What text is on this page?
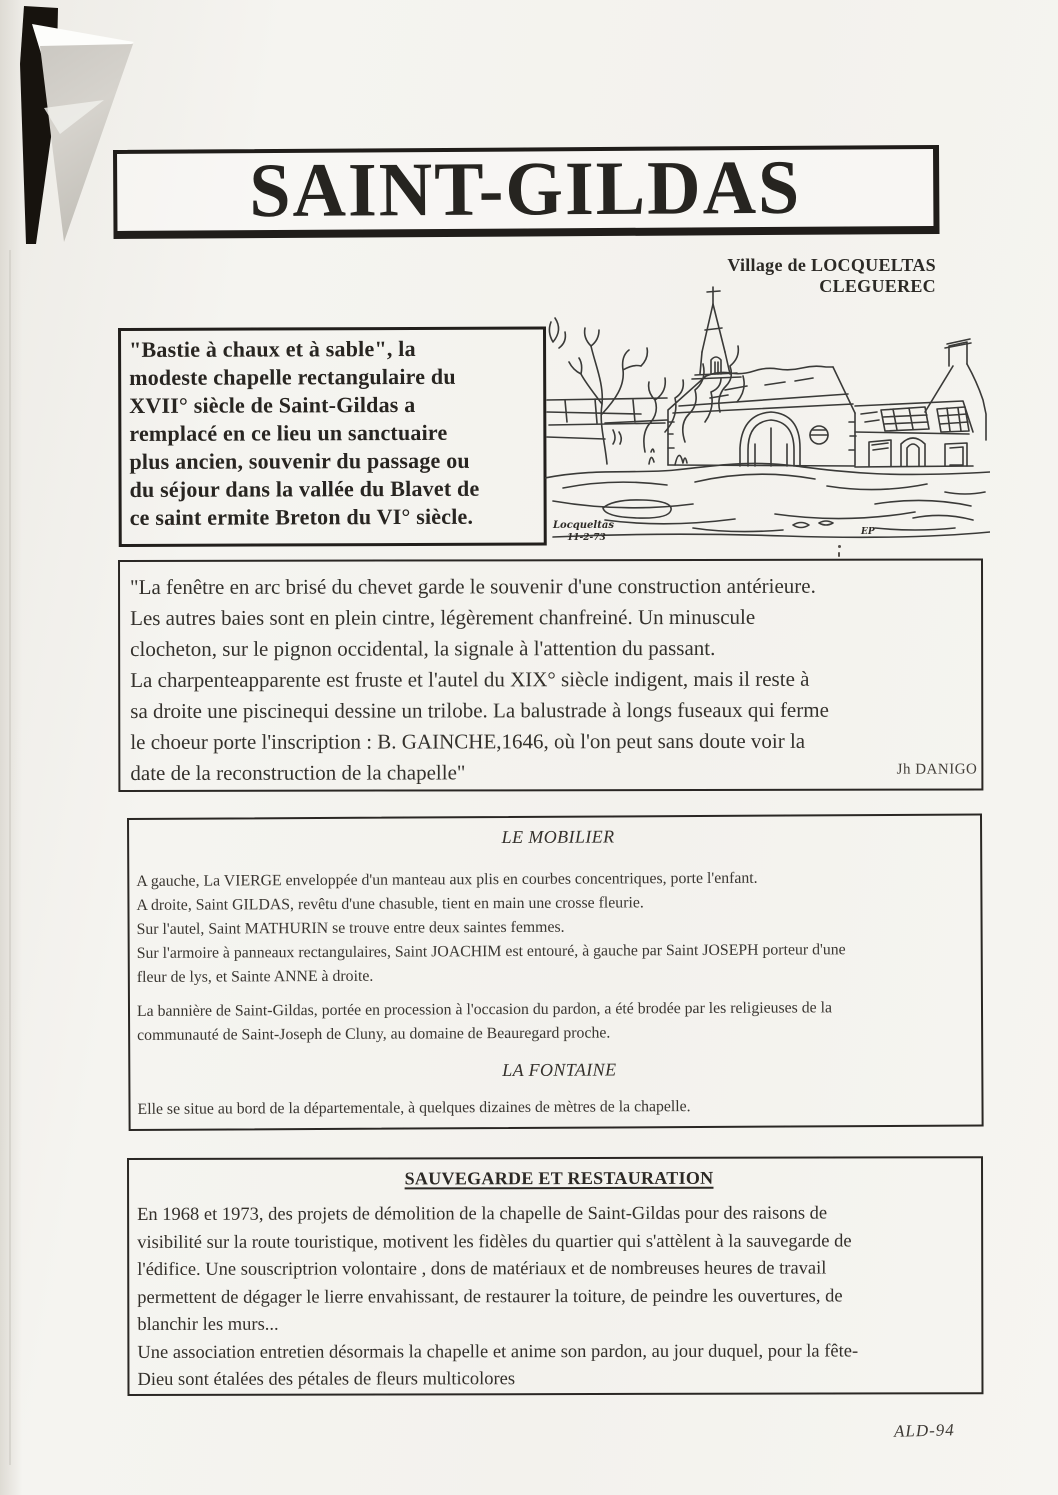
SAINT-GILDAS
Village de LOCQUELTAS
CLEGUEREC
"Bastie à chaux et à sable", la
modeste chapelle rectangulaire du
XVII° siècle de Saint-Gildas a
remplacé en ce lieu un sanctuaire
plus ancien, souvenir du passage ou
du séjour dans la vallée du Blavet de
ce saint ermite Breton du VI° siècle.	Locqueltas
11-2-73
EP
"La fenêtre en arc brisé du chevet garde le souvenir d'une construction antérieure.
Les autres baies sont en plein cintre, légèrement chanfreiné. Un minuscule
clocheton, sur le pignon occidental, la signale à l'attention du passant.
La charpenteapparente est fruste et l'autel du XIX° siècle indigent, mais il reste à
sa droite une piscinequi dessine un trilobe. La balustrade à longs fuseaux qui ferme
le choeur porte l'inscription : B. GAINCHE,1646, où l'on peut sans doute voir la
date de la reconstruction de la chapelle"	Jh DANIGO
LE MOBILIER
A gauche, La VIERGE enveloppée d'un manteau aux plis en courbes concentriques, porte l'enfant.
A droite, Saint GILDAS, revêtu d'une chasuble, tient en main une crosse fleurie.
Sur l'autel, Saint MATHURIN se trouve entre deux saintes femmes.
Sur l'armoire à panneaux rectangulaires, Saint JOACHIM est entouré, à gauche par Saint JOSEPH porteur d'une
fleur de lys, et Sainte ANNE à droite.
La bannière de Saint-Gildas, portée en procession à l'occasion du pardon, a été brodée par les religieuses de la
communauté de Saint-Joseph de Cluny, au domaine de Beauregard proche.
LA FONTAINE
Elle se situe au bord de la départementale, à quelques dizaines de mètres de la chapelle.
SAUVEGARDE ET RESTAURATION
En 1968 et 1973, des projets de démolition de la chapelle de Saint-Gildas pour des raisons de
visibilité sur la route touristique, motivent les fidèles du quartier qui s'attèlent à la sauvegarde de
l'édifice. Une souscriptrion volontaire , dons de matériaux et de nombreuses heures de travail
permettent de dégager le lierre envahissant, de restaurer la toiture, de peindre les ouvertures, de
blanchir les murs...
Une association entretien désormais la chapelle et anime son pardon, au jour duquel, pour la fête-
Dieu sont étalées des pétales de fleurs multicolores
ALD-94
